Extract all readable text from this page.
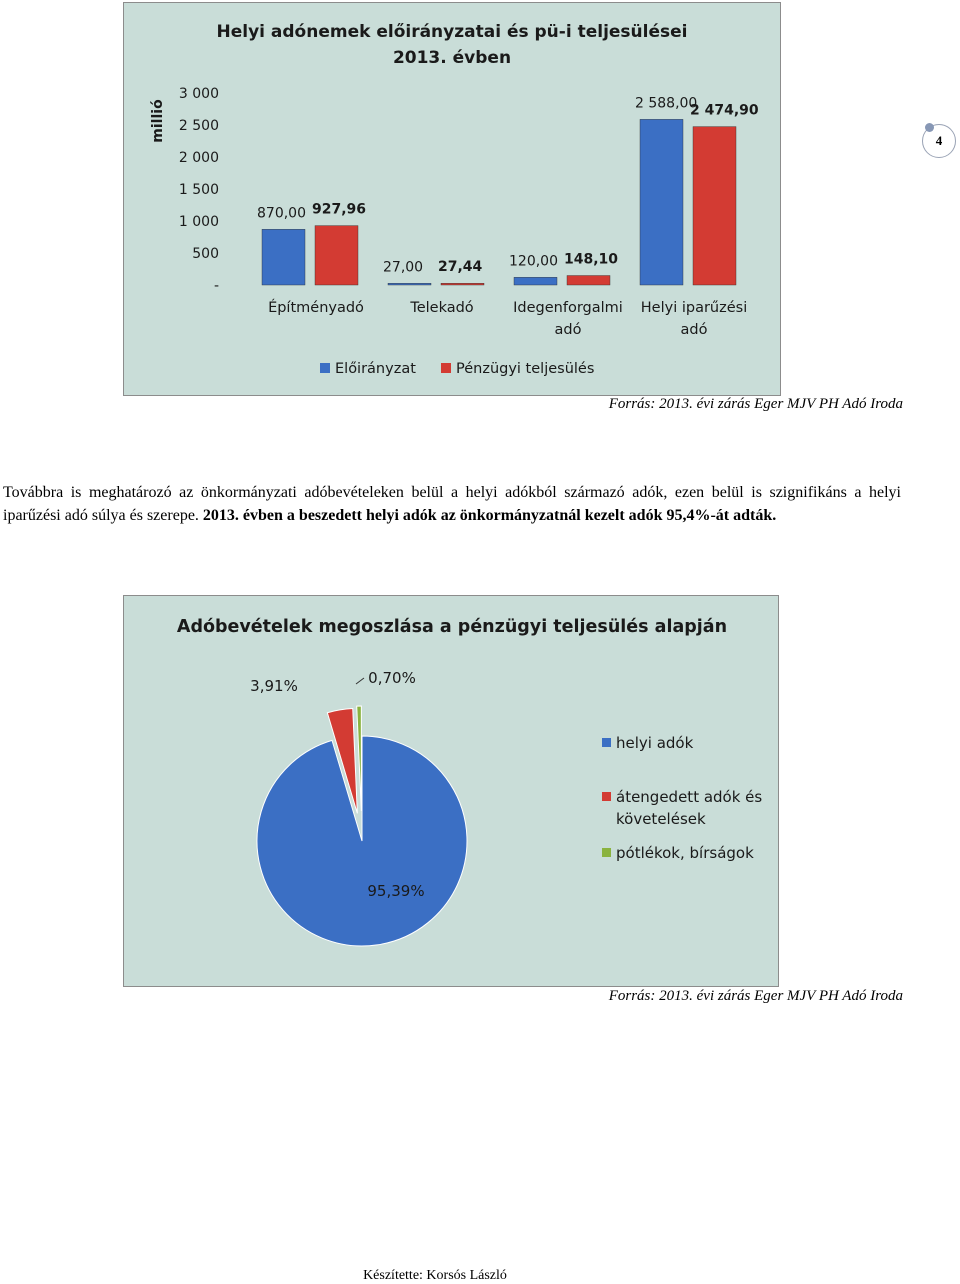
4
Helyi adónemek előirányzatai és pü-i teljesülései
2013. évben
millió
-
500
1 000
1 500
2 000
2 500
3 000
870,00 927,96
Építményadó
27,00 27,44
Telekadó
120,00 148,10
Idegenforgalmi
adó
2 588,00
2 474,90
Helyi iparűzési
adó
Előirányzat	Pénzügyi teljesülés
Forrás: 2013. évi zárás Eger MJV PH Adó Iroda
Továbbra is meghatározó az önkormányzati adóbevételeken belül a helyi adókból származó adók, ezen belül is szignifikáns a helyi iparűzési adó súlya és szerepe. 2013. évben a beszedett helyi adók az önkormányzatnál kezelt adók 95,4%-át adták.
Adóbevételek megoszlása a pénzügyi teljesülés alapján
95,39%
3,91%	0,70%
helyi adók
átengedett adók és
követelések
pótlékok, bírságok
Forrás: 2013. évi zárás Eger MJV PH Adó Iroda
Készítette: Korsós László
